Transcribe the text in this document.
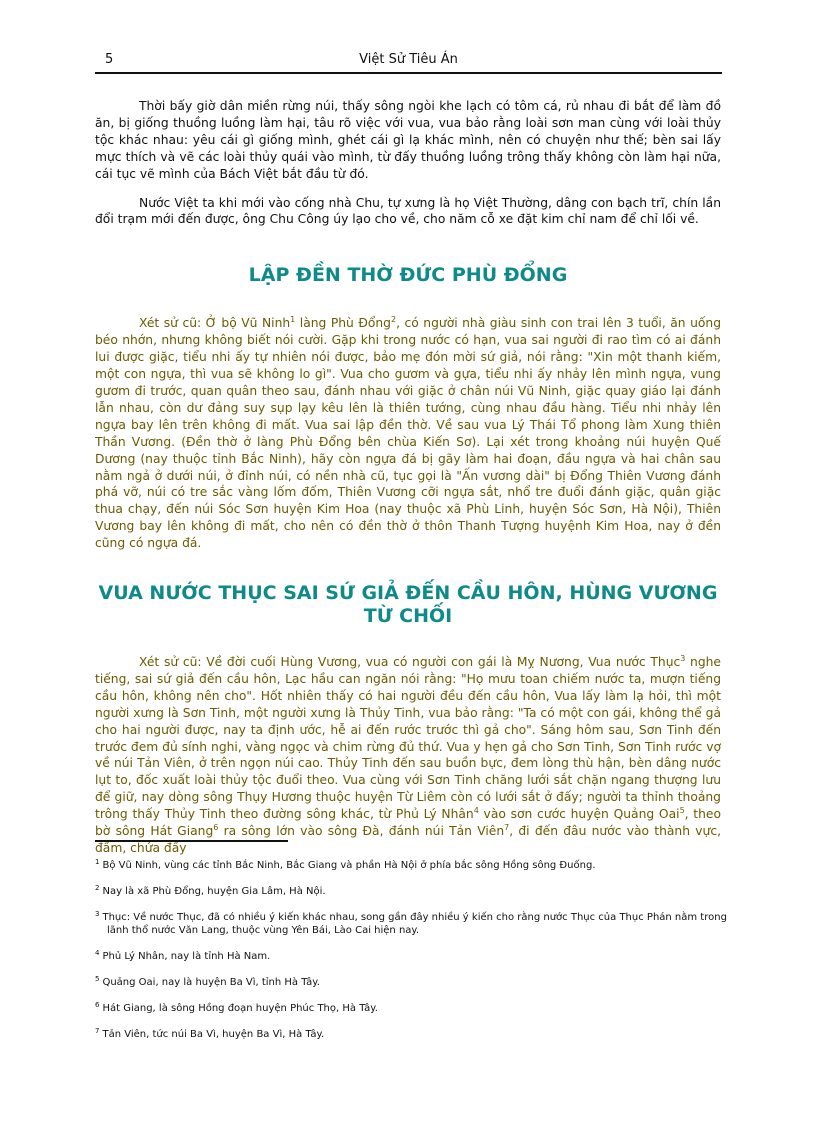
5	Việt Sử Tiêu Án

Thời bấy giờ dân miền rừng núi, thấy sông ngòi khe lạch có tôm cá, rủ nhau đi bắt để làm đồ ăn, bị giống thuồng luồng làm hại, tâu rõ việc với vua, vua bảo rằng loài sơn man cùng với loài thủy tộc khác nhau: yêu cái gì giống mình, ghét cái gì lạ khác mình, nên có chuyện như thế; bèn sai lấy mực thích và vẽ các loài thủy quái vào mình, từ đấy thuồng luồng trông thấy không còn làm hại nữa, cái tục vẽ mình của Bách Việt bắt đầu từ đó.

Nước Việt ta khi mới vào cống nhà Chu, tự xưng là họ Việt Thường, dâng con bạch trĩ, chín lần đổi trạm mới đến được, ông Chu Công úy lạo cho về, cho năm cỗ xe đặt kim chỉ nam để chỉ lối về.

LẬP ĐỀN THỜ ĐỨC PHÙ ĐỔNG

Xét sử cũ: Ở bộ Vũ Ninh$^1$ làng Phù Đổng$^2$, có người nhà giàu sinh con trai lên 3 tuổi, ăn uống béo nhớn, nhưng không biết nói cười. Gặp khi trong nước có hạn, vua sai người đi rao tìm có ai đánh lui được giặc, tiểu nhi ấy tự nhiên nói được, bảo mẹ đón mời sứ giả, nói rằng: "Xin một thanh kiếm, một con ngựa, thì vua sẽ không lo gì". Vua cho gươm và gựa, tiểu nhi ấy nhảy lên mình ngựa, vung gươm đi trước, quan quân theo sau, đánh nhau với giặc ở chân núi Vũ Ninh, giặc quay giáo lại đánh lẫn nhau, còn dư đảng suy sụp lạy kêu lên là thiên tướng, cùng nhau đầu hàng. Tiểu nhi nhảy lên ngựa bay lên trên không đi mất. Vua sai lập đền thờ. Về sau vua Lý Thái Tổ phong làm Xung thiên Thần Vương. (Đền thờ ở làng Phù Đổng bên chùa Kiến Sơ). Lại xét trong khoảng núi huyện Quế Dương (nay thuộc tỉnh Bắc Ninh), hãy còn ngựa đá bị gãy làm hai đoạn, đầu ngựa và hai chân sau nằm ngả ở dưới núi, ở đỉnh núi, có nền nhà cũ, tục gọi là "Ấn vương dài" bị Đổng Thiên Vương đánh phá vỡ, núi có tre sắc vàng lốm đốm, Thiên Vương cỡi ngựa sắt, nhổ tre đuổi đánh giặc, quân giặc thua chạy, đến núi Sóc Sơn huyện Kim Hoa (nay thuộc xã Phù Linh, huyện Sóc Sơn, Hà Nội), Thiên Vương bay lên không đi mất, cho nên có đền thờ ở thôn Thanh Tượng huyệnh Kim Hoa, nay ở đền cũng có ngựa đá.

VUA NƯỚC THỤC SAI SỨ GIẢ ĐẾN CẦU HÔN, HÙNG VƯƠNG TỪ CHỐI

Xét sử cũ: Về đời cuối Hùng Vương, vua có người con gái là Mỵ Nương, Vua nước Thục$^3$ nghe tiếng, sai sứ giả đến cầu hôn, Lạc hầu can ngăn nói rằng: "Họ mưu toan chiếm nước ta, mượn tiếng cầu hôn, không nên cho". Hốt nhiên thấy có hai người đều đến cầu hôn, Vua lấy làm lạ hỏi, thì một người xưng là Sơn Tinh, một người xưng là Thủy Tinh, vua bảo rằng: "Ta có một con gái, không thể gả cho hai người được, nay ta định ước, hễ ai đến rước trước thì gả cho". Sáng hôm sau, Sơn Tinh đến trước đem đủ sính nghi, vàng ngọc và chim rừng đủ thứ. Vua y hẹn gả cho Sơn Tinh, Sơn Tinh rước vợ về núi Tản Viên, ở trên ngọn núi cao. Thủy Tinh đến sau buồn bực, đem lòng thù hận, bèn dâng nước lụt to, đốc xuất loài thủy tộc đuổi theo. Vua cùng với Sơn Tinh chăng lưới sắt chặn ngang thượng lưu để giữ, nay dòng sông Thụy Hương thuộc huyện Từ Liêm còn có lưới sắt ở đấy; người ta thỉnh thoảng trông thấy Thủy Tinh theo đường sông khác, từ Phủ Lý Nhân$^4$ vào sơn cước huyện Quảng Oai$^5$, theo bờ sông Hát Giang$^6$ ra sông lớn vào sông Đà, đánh núi Tản Viên$^7$, đi đến đâu nước vào thành vực, đầm, chứa đầy

$^1$ Bộ Vũ Ninh, vùng các tỉnh Bắc Ninh, Bắc Giang và phần Hà Nội ở phía bắc sông Hồng sông Đuống.

$^2$ Nay là xã Phù Đổng, huyện Gia Lâm, Hà Nội.

$^3$ Thục: Về nước Thục, đã có nhiều ý kiến khác nhau, song gần đây nhiều ý kiến cho rằng nước Thục của Thục Phán nằm trong lãnh thổ nước Văn Lang, thuộc vùng Yên Bái, Lào Cai hiện nay.

$^4$ Phủ Lý Nhân, nay là tỉnh Hà Nam.

$^5$ Quảng Oai, nay là huyện Ba Vì, tỉnh Hà Tây.

$^6$ Hát Giang, là sông Hồng đoạn huyện Phúc Thọ, Hà Tây.

$^7$ Tản Viên, tức núi Ba Vì, huyện Ba Vì, Hà Tây.
